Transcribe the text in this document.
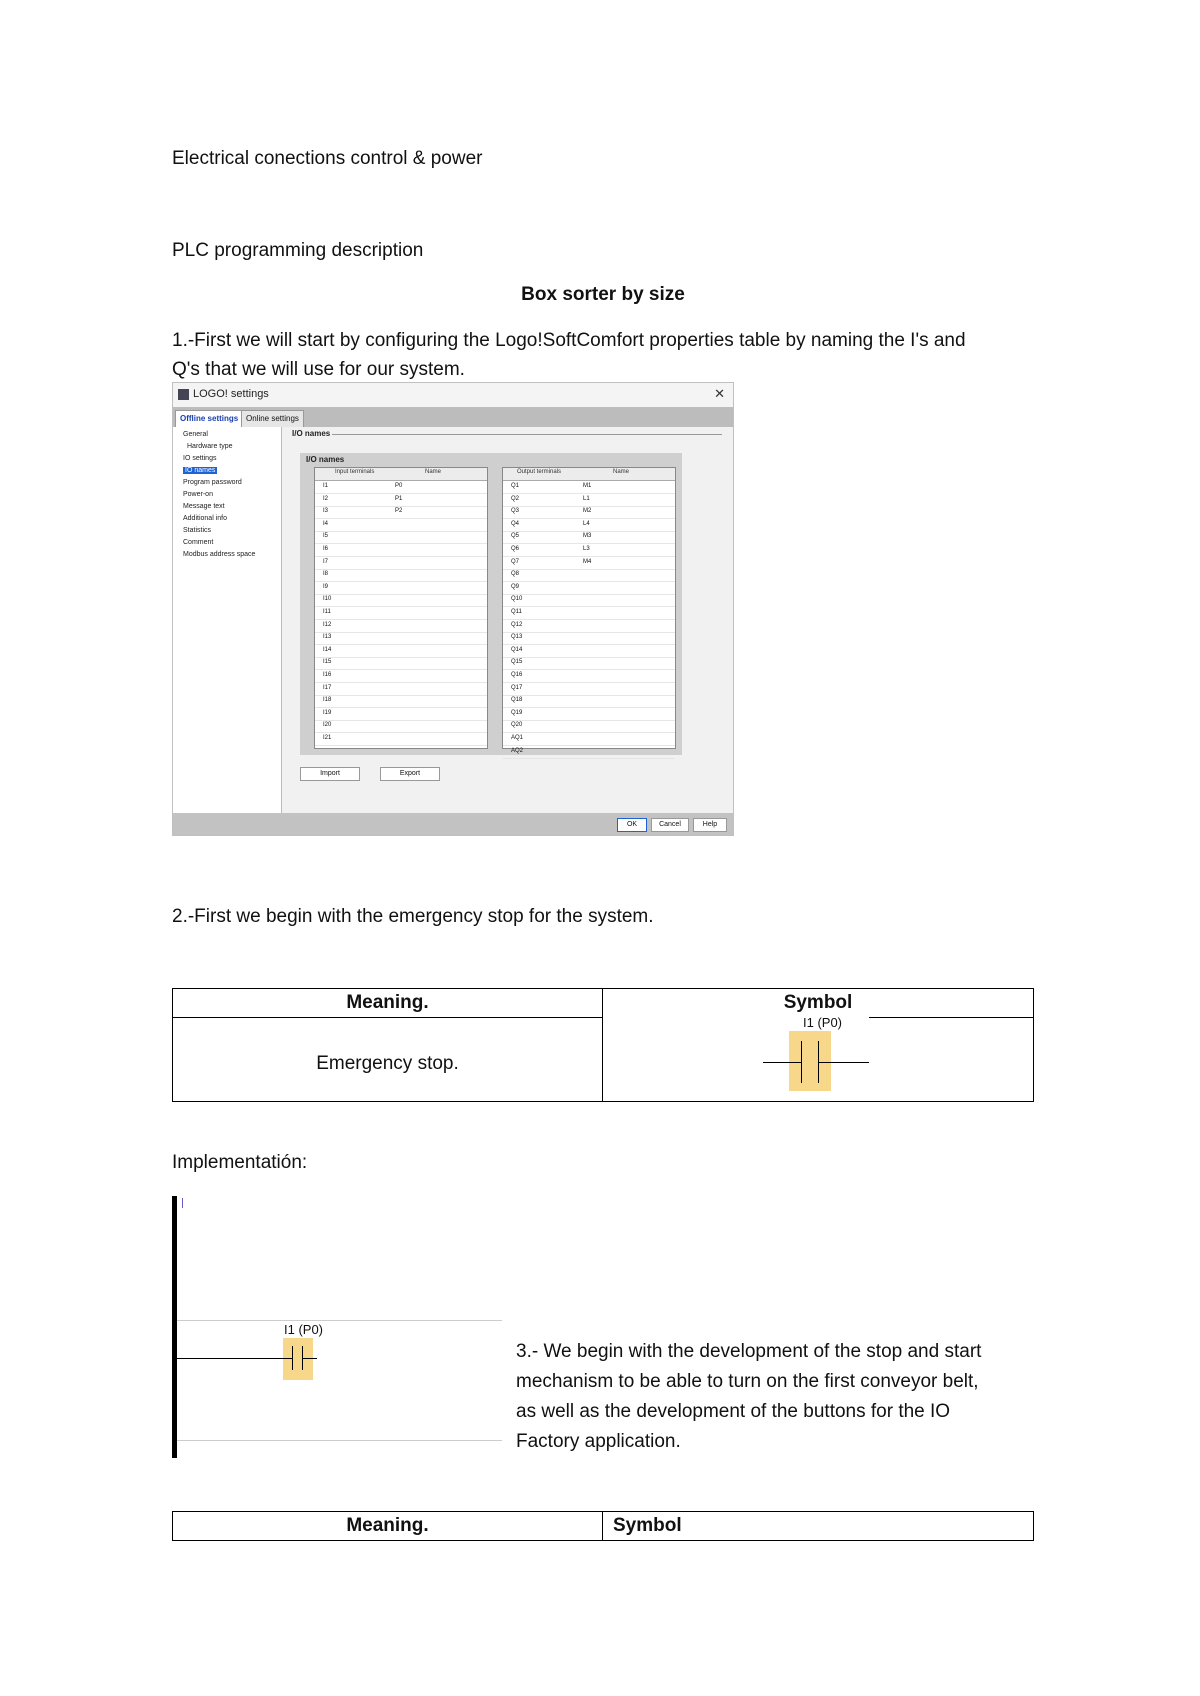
Electrical conections control & power
PLC programming description
Box sorter by size
1.-First we will start by configuring the Logo!SoftComfort properties table by naming the I's and
Q's that we will use for our system.
LOGO! settings	✕
Offline settings Online settings
General
Hardware type
IO settings
IO names
Program password
Power-on
Message text
Additional info
Statistics
Comment
Modbus address space
I/O names
I/O names
Input terminals	Name
I1	P0
I2	P1
I3	P2
I4
I5
I6
I7
I8
I9
I10
I11
I12
I13
I14
I15
I16
I17
I18
I19
I20
I21
Output terminals	Name
Q1	M1
Q2	L1
Q3	M2
Q4	L4
Q5	M3
Q6	L3
Q7	M4
Q8
Q9
Q10
Q11
Q12
Q13
Q14
Q15
Q16
Q17
Q18
Q19
Q20
AQ1
AQ2
Import	Export
OK	Cancel	Help
2.-First we begin with the emergency stop for the system.
Meaning.	Symbol
Emergency stop.
I1 (P0)
Implementatión:
I1 (P0)
3.- We begin with the development of the stop and start
mechanism to be able to turn on the first conveyor belt,
as well as the development of the buttons for the IO
Factory application.
Meaning.	Symbol
